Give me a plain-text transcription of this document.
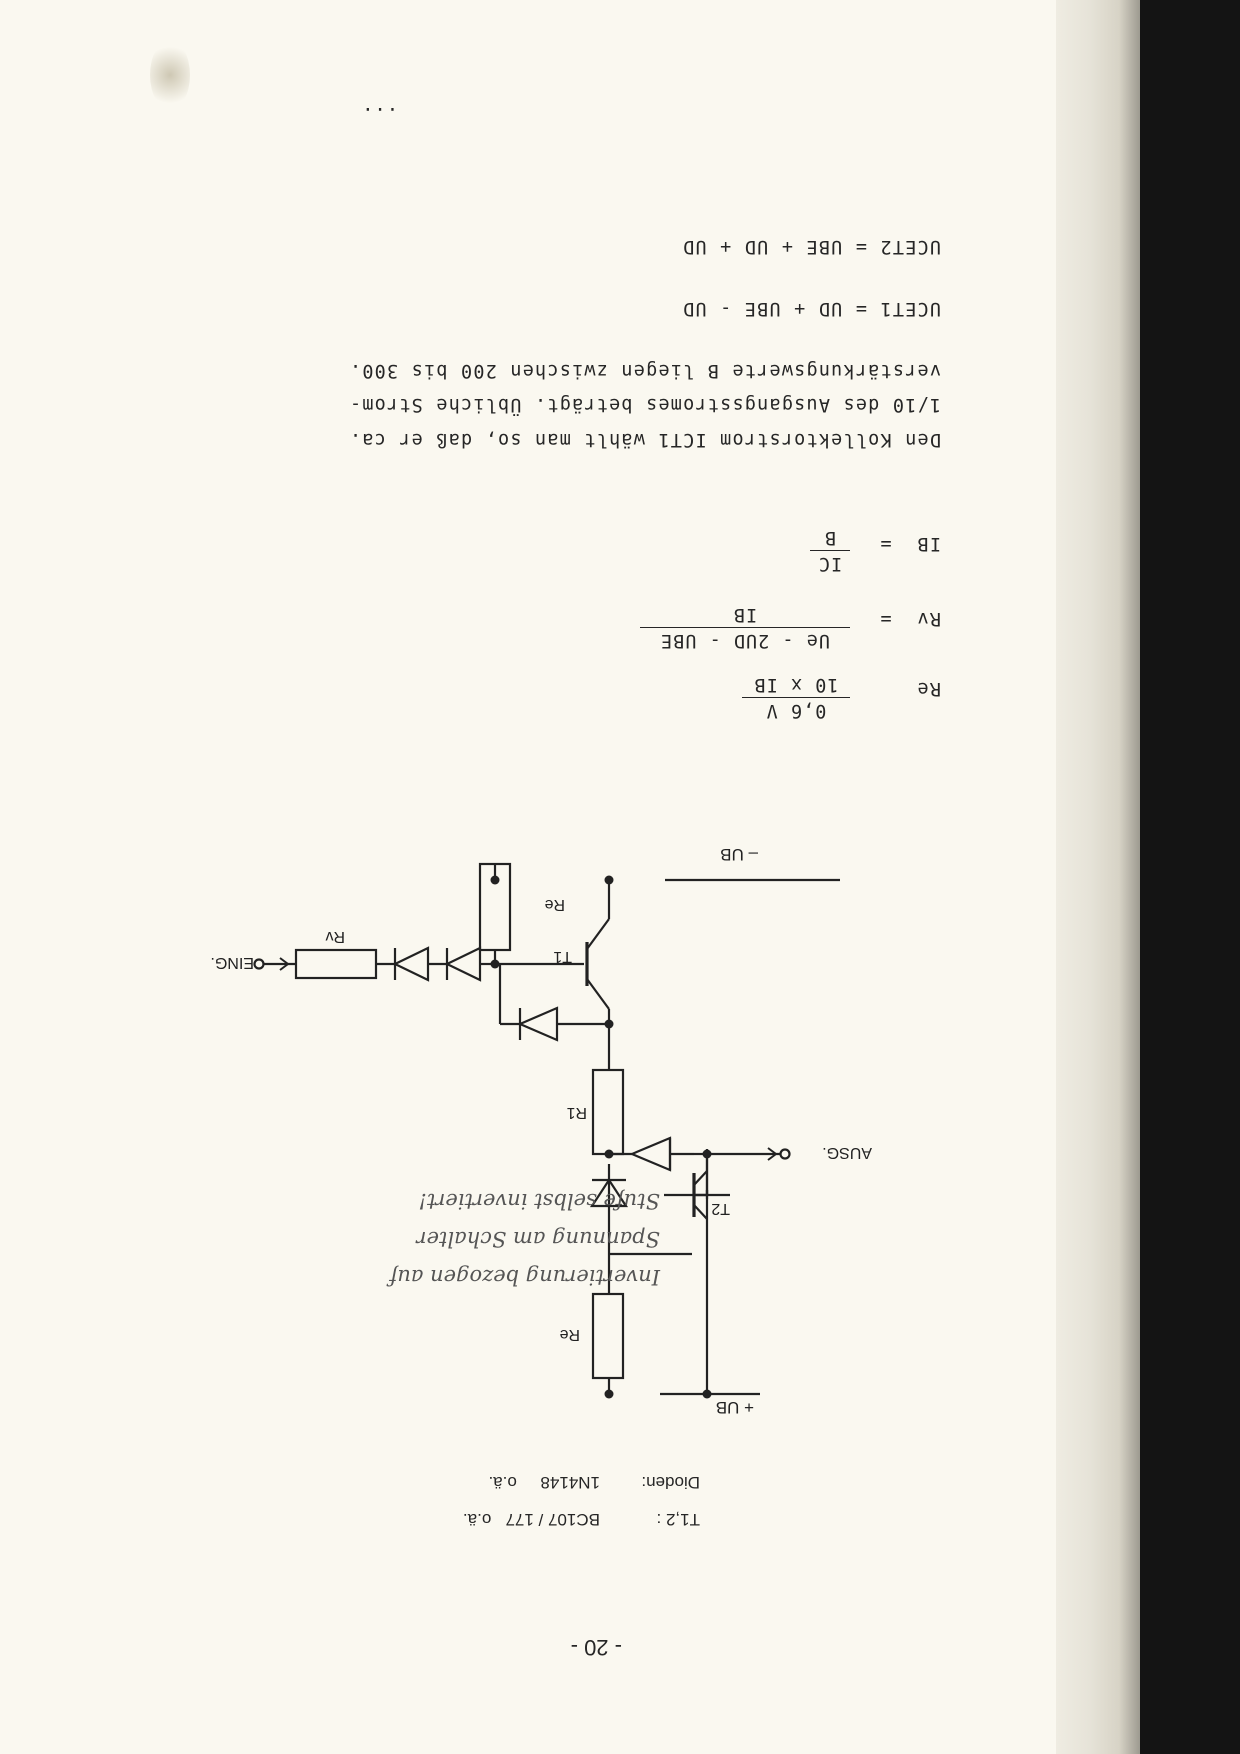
...
UCET2 = UBE + UD + UD
UCET1 = UD + UBE - UD
verstärkungswerte B liegen zwischen 200 bis 300.
1/10 des Ausgangsstromes beträgt. Übliche Strom-
Den Kollektorstrom ICT1 wählt man so, daß er ca.
IB  =
IC
B
Rv  =
Ue - 2UD - UBE
IB
Re
0,6 V
10 x IB
+ UB
– UB
AUSG.
EING.	T1
T2
R1
Rv
Re
Re
Invertierung bezogen auf
Spannung am Schalter
Stufe selbst invertiert!
Dioden:
1N4148     o.ä.
T1,2 :
BC107 / 177   o.ä.
- 20 -
